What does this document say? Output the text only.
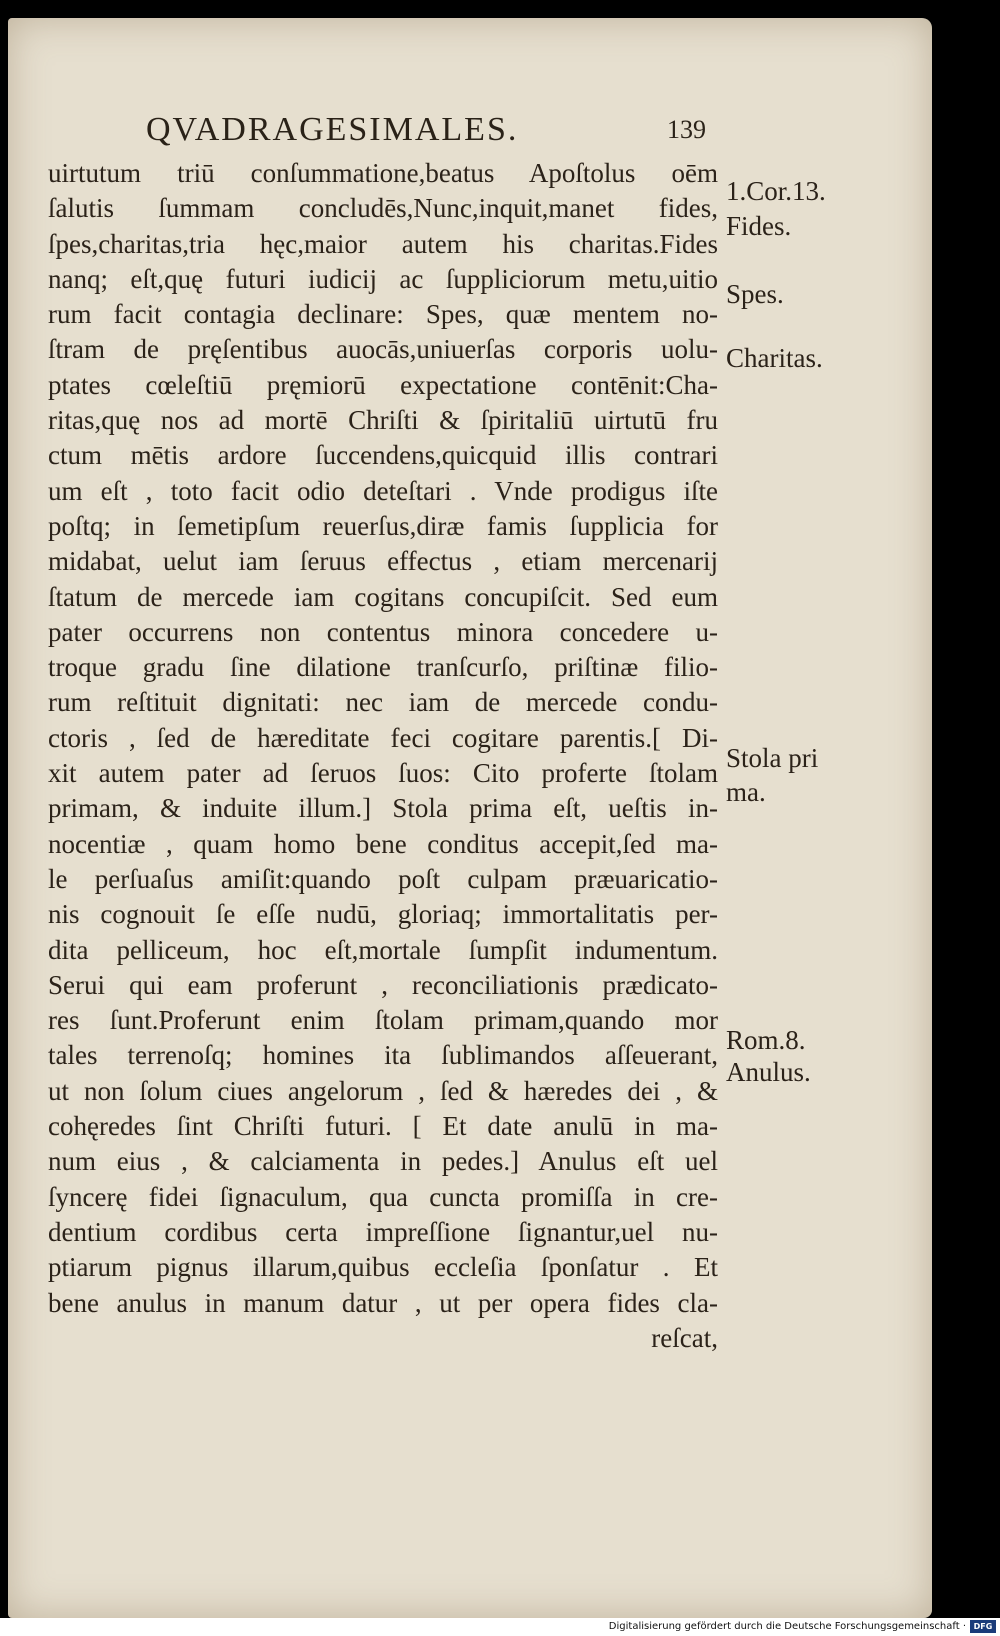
QVADRAGESIMALES.	139
uirtutum triū conſummatione,beatus Apoſtolus oēm
ſalutis ſummam concludēs,Nunc,inquit,manet fides,
ſpes,charitas,tria hęc,maior autem his charitas.Fides
nanq; eſt,quę futuri iudicij ac ſuppliciorum metu,uitio
rum facit contagia declinare: Spes, quæ mentem no-
ſtram de pręſentibus auocās,uniuerſas corporis uolu-
ptates cœleſtiū pręmiorū expectatione contēnit:Cha-
ritas,quę nos ad mortē Chriſti & ſpiritaliū uirtutū fru
ctum mētis ardore ſuccendens,quicquid illis contrari
um eſt , toto facit odio deteſtari . Vnde prodigus iſte
poſtq; in ſemetipſum reuerſus,diræ famis ſupplicia for
midabat, uelut iam ſeruus effectus , etiam mercenarij
ſtatum de mercede iam cogitans concupiſcit. Sed eum
pater occurrens non contentus minora concedere u-
troque gradu ſine dilatione tranſcurſo, priſtinæ filio-
rum reſtituit dignitati: nec iam de mercede condu-
ctoris , ſed de hæreditate feci cogitare parentis.[ Di-
xit autem pater ad ſeruos ſuos: Cito proferte ſtolam
primam, & induite illum.] Stola prima eſt, ueſtis in-
nocentiæ , quam homo bene conditus accepit,ſed ma-
le perſuaſus amiſit:quando poſt culpam præuaricatio-
nis cognouit ſe eſſe nudū, gloriaq; immortalitatis per-
dita pelliceum, hoc eſt,mortale ſumpſit indumentum.
Serui qui eam proferunt , reconciliationis prædicato-
res ſunt.Proferunt enim ſtolam primam,quando mor
tales terrenoſq; homines ita ſublimandos aſſeuerant,
ut non ſolum ciues angelorum , ſed & hæredes dei , &
cohęredes ſint Chriſti futuri. [ Et date anulū in ma-
num eius , & calciamenta in pedes.] Anulus eſt uel
ſyncerę fidei ſignaculum, qua cuncta promiſſa in cre-
dentium cordibus certa impreſſione ſignantur,uel nu-
ptiarum pignus illarum,quibus eccleſia ſponſatur . Et
bene anulus in manum datur , ut per opera fides cla-
reſcat,
1.Cor.13.
Fides.
Spes.
Charitas.
Stola pri
ma.
Rom.8.
Anulus.
Digitalisierung gefördert durch die Deutsche Forschungsgemeinschaft · DFG
